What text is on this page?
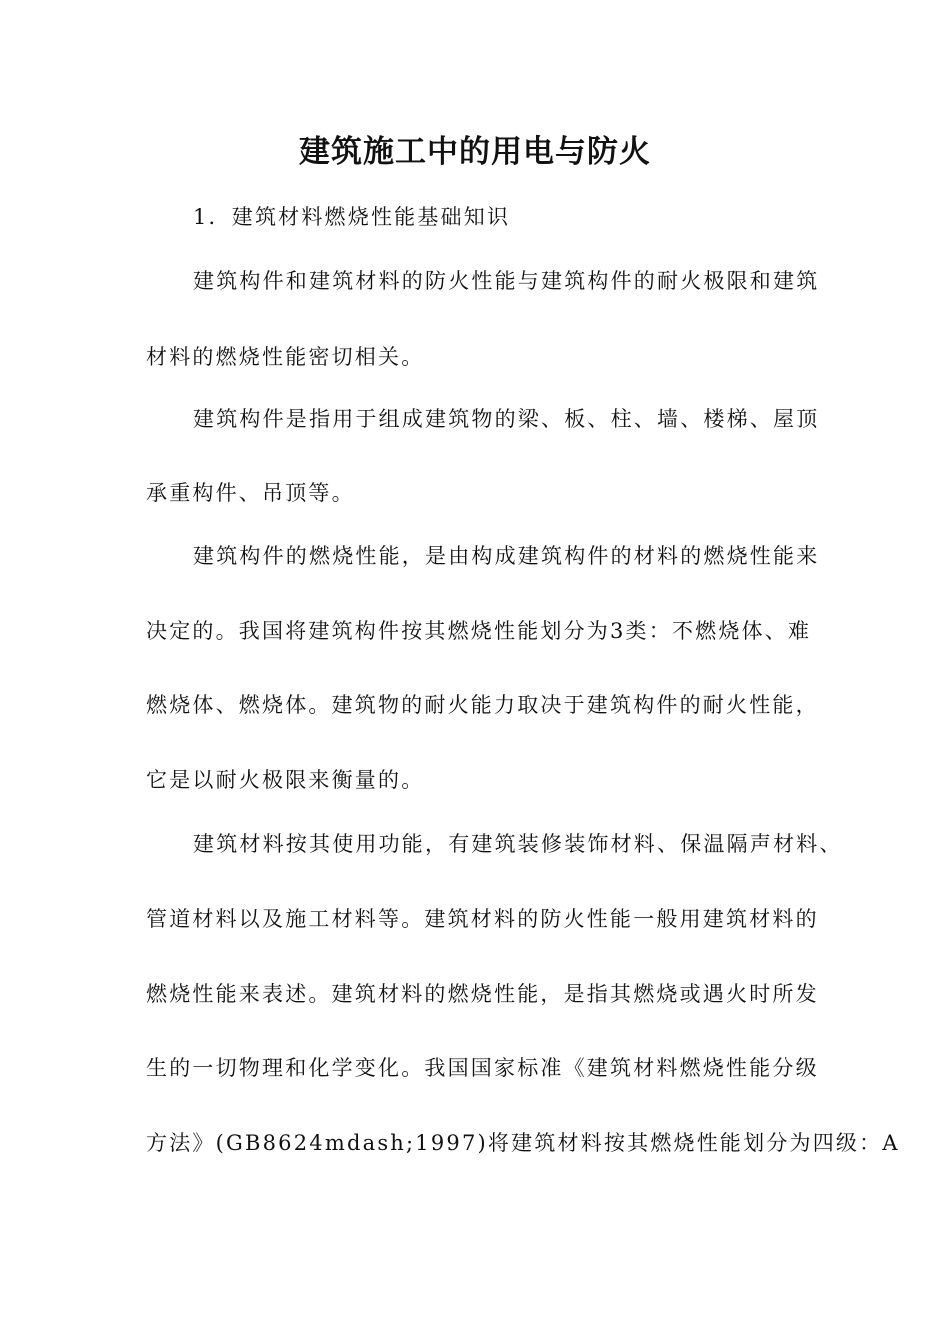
建筑施工中的用电与防火
1．建筑材料燃烧性能基础知识
建筑构件和建筑材料的防火性能与建筑构件的耐火极限和建筑
材料的燃烧性能密切相关。
建筑构件是指用于组成建筑物的梁、板、柱、墙、楼梯、屋顶
承重构件、吊顶等。
建筑构件的燃烧性能，是由构成建筑构件的材料的燃烧性能来
决定的。我国将建筑构件按其燃烧性能划分为3类：不燃烧体、难
燃烧体、燃烧体。建筑物的耐火能力取决于建筑构件的耐火性能，
它是以耐火极限来衡量的。
建筑材料按其使用功能，有建筑装修装饰材料、保温隔声材料、
管道材料以及施工材料等。建筑材料的防火性能一般用建筑材料的
燃烧性能来表述。建筑材料的燃烧性能，是指其燃烧或遇火时所发
生的一切物理和化学变化。我国国家标准《建筑材料燃烧性能分级
方法》(GB8624mdash;1997)将建筑材料按其燃烧性能划分为四级：A
